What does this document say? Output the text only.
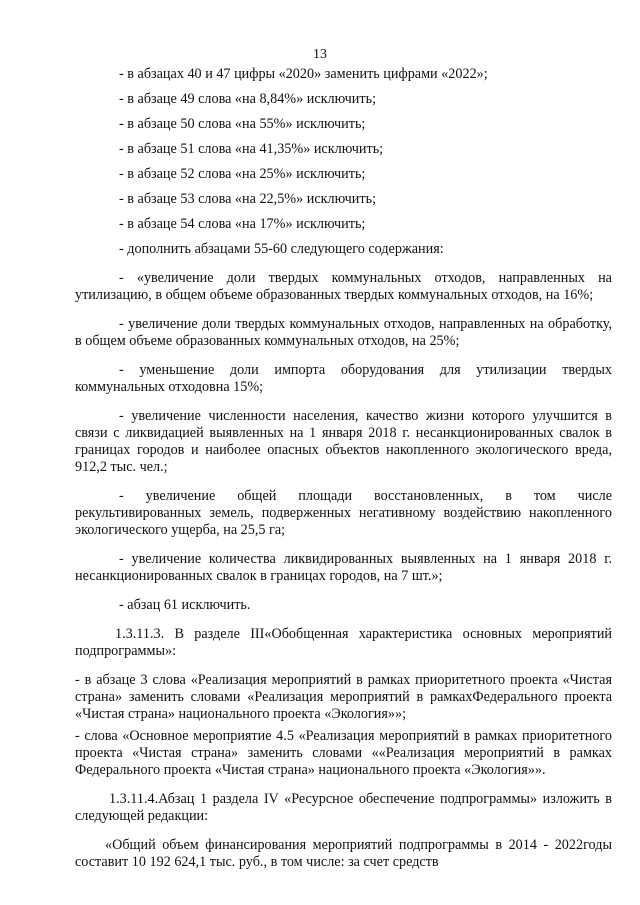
13

- в абзацах 40 и 47 цифры «2020» заменить цифрами «2022»;

- в абзаце 49 слова «на 8,84%» исключить;

- в абзаце 50 слова «на 55%» исключить;

- в абзаце 51 слова «на 41,35%» исключить;

- в абзаце 52 слова «на 25%» исключить;

- в абзаце 53 слова «на 22,5%» исключить;

- в абзаце 54 слова «на 17%» исключить;

- дополнить абзацами 55-60 следующего содержания:

- «увеличение доли твердых коммунальных отходов, направленных на утилизацию, в общем объеме образованных твердых коммунальных отходов, на 16%;

- увеличение доли твердых коммунальных отходов, направленных на обработку, в общем объеме образованных коммунальных отходов, на 25%;

- уменьшение доли импорта оборудования для утилизации твердых коммунальных отходовна 15%;

- увеличение численности населения, качество жизни которого улучшится в связи с ликвидацией выявленных на 1 января 2018 г. несанкционированных свалок в границах городов и наиболее опасных объектов накопленного экологического вреда, 912,2 тыс. чел.;

- увеличение общей площади восстановленных, в том числе рекультивированных земель, подверженных негативному воздействию накопленного экологического ущерба, на 25,5 га;

- увеличение количества ликвидированных выявленных на 1 января 2018 г. несанкционированных свалок в границах городов, на 7 шт.»;

- абзац 61 исключить.

1.3.11.3. В разделе III«Обобщенная характеристика основных мероприятий подпрограммы»:

- в абзаце 3 слова «Реализация мероприятий в рамках приоритетного проекта «Чистая страна» заменить словами «Реализация мероприятий в рамкахФедерального проекта «Чистая страна» национального проекта «Экология»»;

- слова «Основное мероприятие 4.5 «Реализация мероприятий в рамках приоритетного проекта «Чистая страна» заменить словами ««Реализация мероприятий в рамках Федерального проекта «Чистая страна» национального проекта «Экология»».

1.3.11.4.Абзац 1 раздела IV «Ресурсное обеспечение подпрограммы» изложить в следующей редакции:

«Общий объем финансирования мероприятий подпрограммы в 2014 - 2022годы составит 10 192 624,1 тыс. руб., в том числе: за счет средств
